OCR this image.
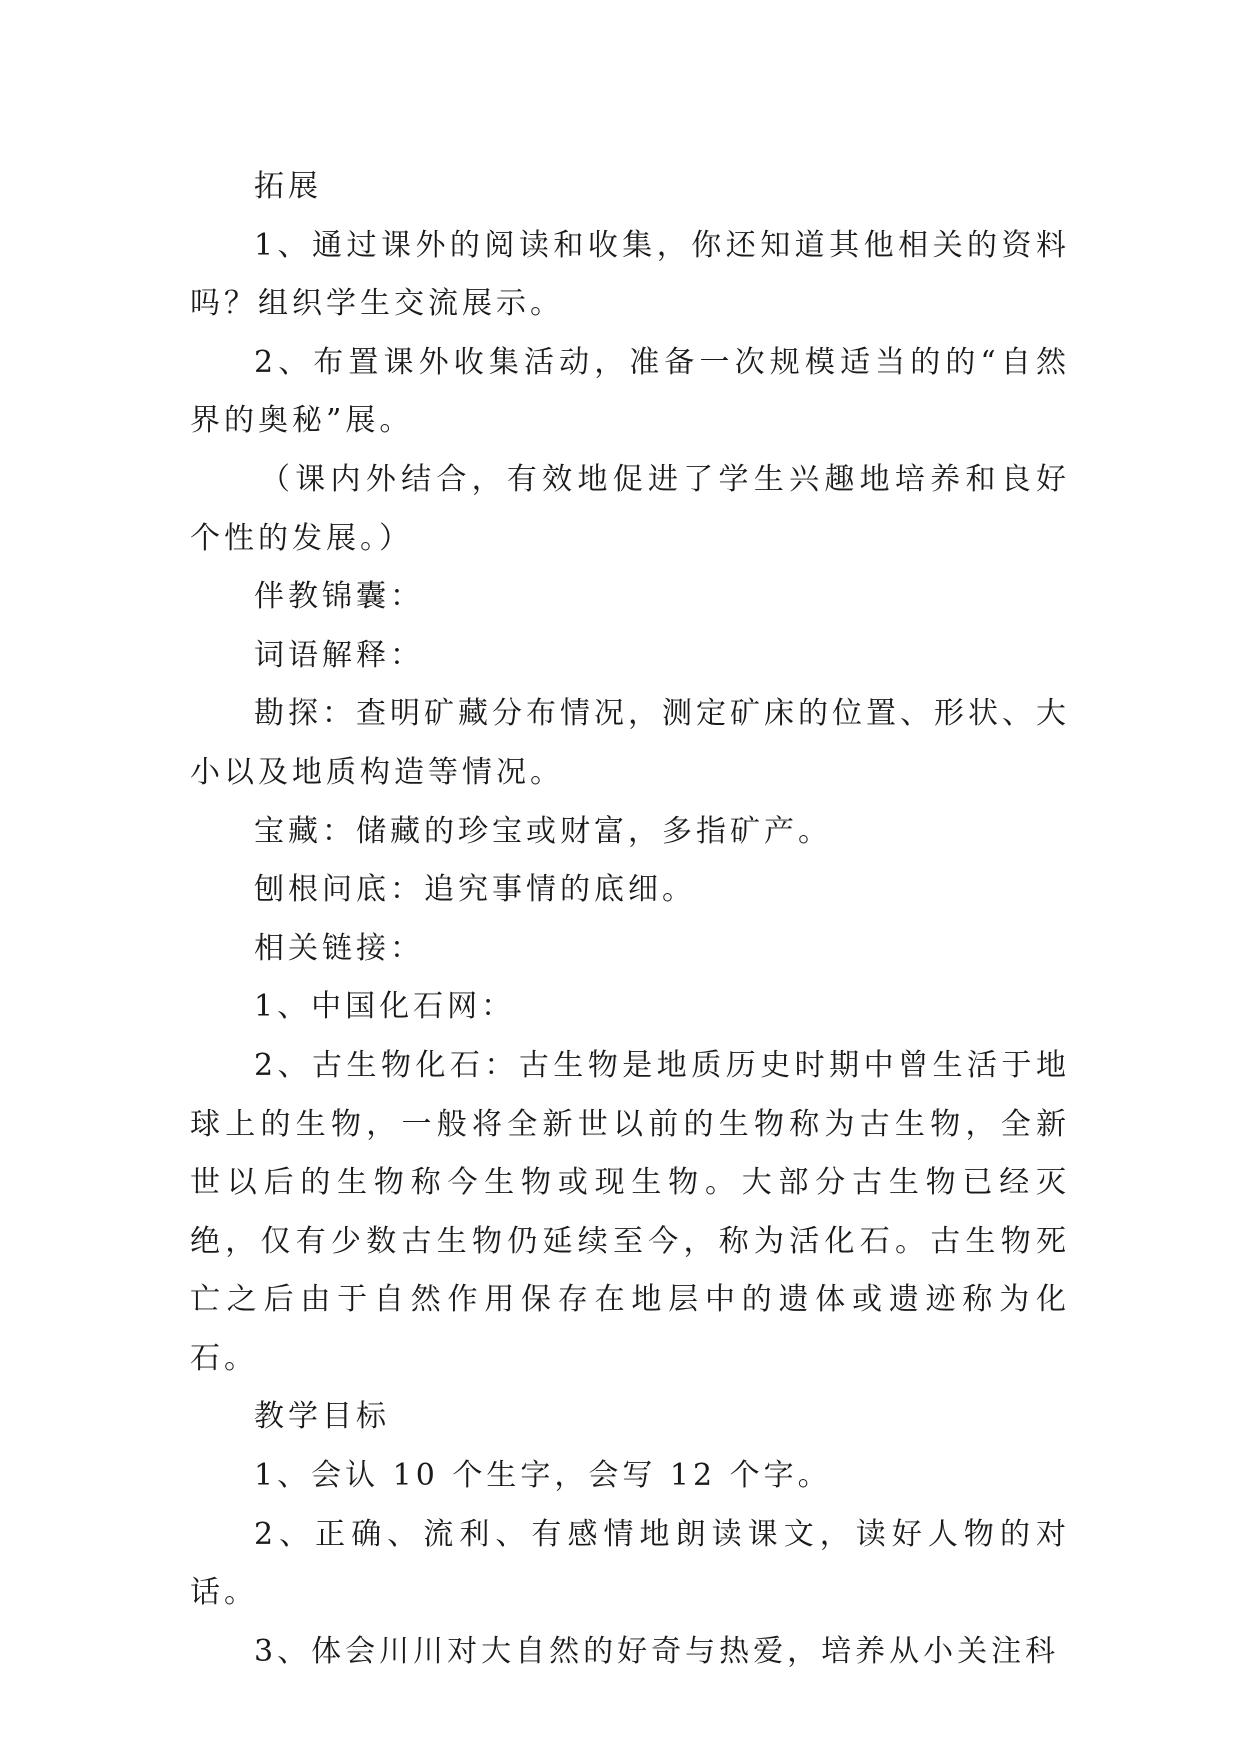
拓展

1、通过课外的阅读和收集，你还知道其他相关的资料吗？组织学生交流展示。

2、布置课外收集活动，准备一次规模适当的的“自然界的奥秘”展。

（课内外结合，有效地促进了学生兴趣地培养和良好个性的发展。）

伴教锦囊：

词语解释：

勘探：查明矿藏分布情况，测定矿床的位置、形状、大小以及地质构造等情况。

宝藏：储藏的珍宝或财富，多指矿产。

刨根问底：追究事情的底细。

相关链接：

1、中国化石网：

2、古生物化石：古生物是地质历史时期中曾生活于地球上的生物，一般将全新世以前的生物称为古生物，全新世以后的生物称今生物或现生物。大部分古生物已经灭绝，仅有少数古生物仍延续至今，称为活化石。古生物死亡之后由于自然作用保存在地层中的遗体或遗迹称为化石。

教学目标

1、会认 10 个生字，会写 12 个字。

2、正确、流利、有感情地朗读课文，读好人物的对话。

3、体会川川对大自然的好奇与热爱，培养从小关注科
